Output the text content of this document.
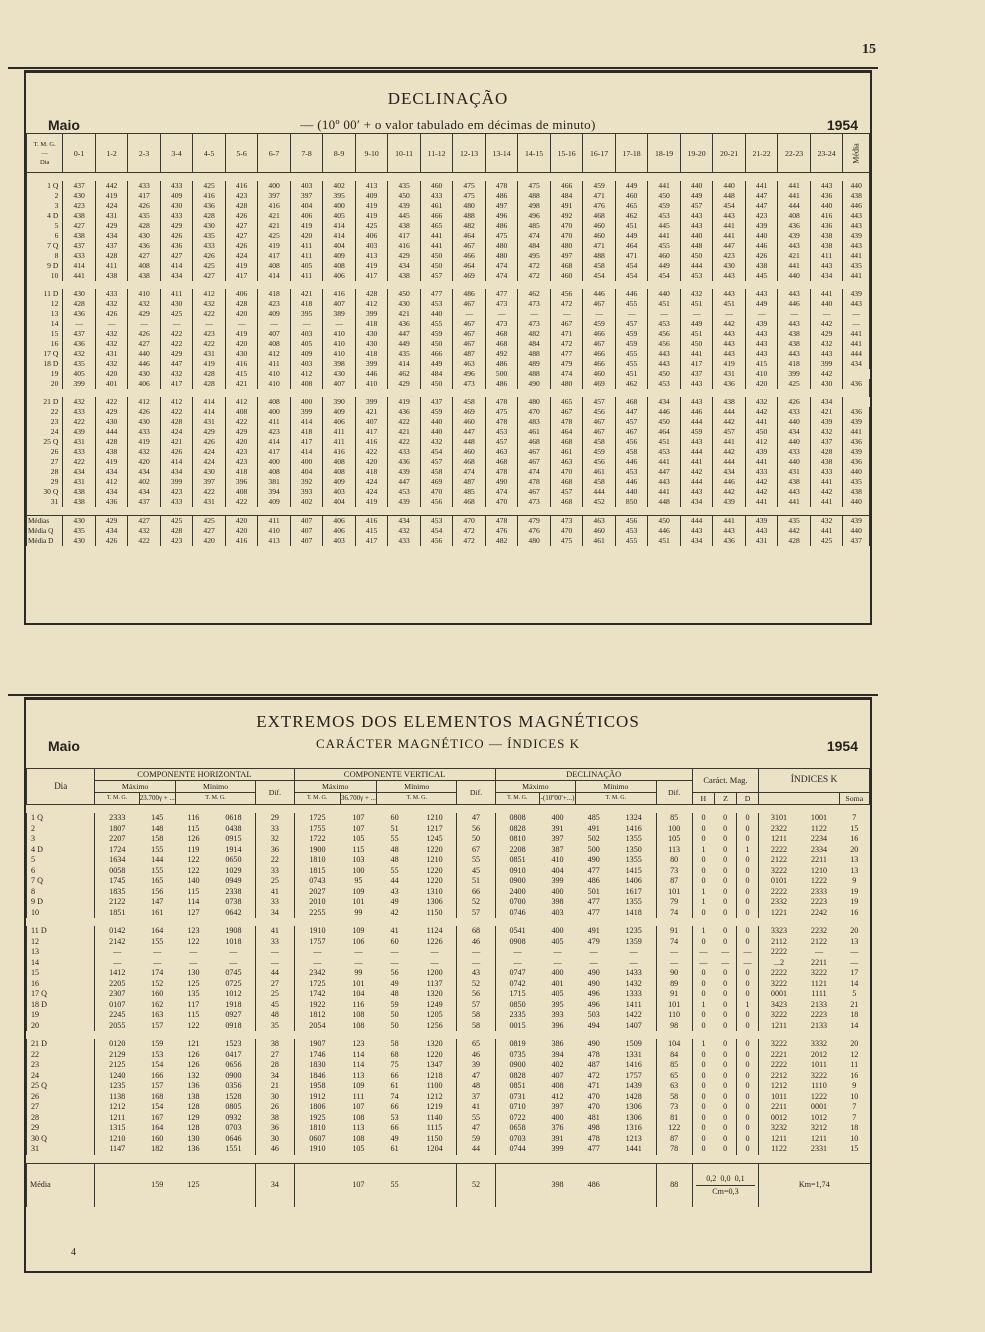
15
DECLINAÇÃO
Maio	— (10º 00′ + o valor tabulado em décimas de minuto)	1954
T. M. G.
—
Dia	0-1	1-2	2-3	3-4	4-5	5-6	6-7	7-8	8-9	9-10	10-11	11-12	12-13	13-14	14-15	15-16	16-17	17-18	18-19	19-20	20-21	21-22	22-23	23-24	Média

1 Q	437	442	433	433	425	416	400	403	402	413	435	460	475	478	475	466	459	449	441	440	440	441	441	443	440
2	430	419	417	409	416	423	397	397	395	409	450	433	475	486	488	484	471	460	450	449	448	447	441	436	438
3	423	424	426	430	436	428	416	404	400	419	439	461	480	497	498	491	476	465	459	457	454	447	444	440	446
4 D	438	431	435	433	428	426	421	406	405	419	445	466	488	496	496	492	468	462	453	443	443	423	408	416	443
5	427	429	428	429	430	427	421	419	414	425	438	465	482	486	485	470	460	451	445	443	441	439	436	436	443
6	438	434	430	426	435	427	425	420	414	406	417	441	464	475	474	470	460	449	441	440	441	440	439	438	439
7 Q	437	437	436	436	433	426	419	411	404	403	416	441	467	480	484	480	471	464	455	448	447	446	443	438	443
8	433	428	427	427	426	424	417	411	409	413	429	450	466	480	495	497	488	471	460	450	423	426	421	411	441
9 D	414	411	408	414	425	419	408	405	408	419	434	450	464	474	472	468	458	454	449	444	430	438	441	443	435
10	441	438	438	434	427	417	414	411	406	417	438	457	469	474	472	460	454	454	454	453	443	445	440	434	441

11 D	430	433	410	411	412	406	418	421	416	428	450	477	486	477	462	456	446	446	440	432	443	443	443	441	439
12	428	432	432	430	432	428	423	418	407	412	430	453	467	473	473	472	467	455	451	451	451	449	446	440	443
13	436	426	429	425	422	420	409	395	389	399	421	440	—	—	—	—	—	—	—	—	—	—	—	—	—
14	—	—	—	—	—	—	—	—	—	418	436	455	467	473	473	467	459	457	453	449	442	439	443	442	—
15	437	432	426	422	423	419	407	403	410	430	447	459	467	468	482	471	466	459	456	451	443	443	438	429	441
16	436	432	427	422	422	420	408	405	410	430	449	450	467	468	484	472	467	459	456	450	443	443	438	432	441
17 Q	432	431	440	429	431	430	412	409	410	418	435	466	487	492	488	477	466	455	443	441	443	443	443	443	444
18 D	435	432	446	447	419	416	411	403	398	399	414	449	463	486	489	479	466	455	443	417	419	415	418	399	434
19	405	420	430	432	428	415	410	412	430	446	462	484	496	500	488	474	460	451	450	437	431	410	399	442	
20	399	401	406	417	428	421	410	408	407	410	429	450	473	486	490	480	469	462	453	443	436	420	425	430	436

21 D	432	422	412	412	414	412	408	400	390	399	419	437	458	478	480	465	457	468	434	443	438	432	426	434	
22	433	429	426	422	414	408	400	399	409	421	436	459	469	475	470	467	456	447	446	446	444	442	433	421	436
23	422	430	430	428	431	422	411	414	406	407	422	440	460	478	483	478	467	457	450	444	442	441	440	439	439
24	439	444	433	424	429	429	423	418	411	417	421	440	447	453	461	464	467	467	464	459	457	450	434	432	441
25 Q	431	428	419	421	426	420	414	417	411	416	422	432	448	457	468	468	458	456	451	443	441	412	440	437	436
26	433	438	432	426	424	423	417	414	416	422	433	454	460	463	467	461	459	458	453	444	442	439	433	428	439
27	422	419	420	414	424	423	400	400	408	420	436	457	468	468	467	463	456	446	441	441	444	441	440	438	436
28	434	434	434	434	430	418	408	404	408	418	439	458	474	478	474	470	461	453	447	442	434	433	431	433	440
29	431	412	402	399	397	396	381	392	409	424	447	469	487	490	478	468	458	446	443	444	446	442	438	441	435
30 Q	438	434	434	423	422	408	394	393	403	424	453	470	485	474	467	457	444	440	441	443	442	442	443	442	438
31	438	436	437	433	431	422	409	402	404	419	439	456	468	470	473	468	452	850	448	434	439	441	441	441	440

Médias	430	429	427	425	425	420	411	407	406	416	434	453	470	478	479	473	463	456	450	444	441	439	435	432	439
Média Q	435	434	432	428	427	420	410	407	406	415	432	454	472	476	476	470	460	453	446	443	443	443	442	441	440
Média D	430	426	422	423	420	416	413	407	403	417	433	456	472	482	480	475	461	455	451	434	436	431	428	425	437
EXTREMOS DOS ELEMENTOS MAGNÉTICOS
CARÁCTER MAGNÉTICO — ÍNDICES K
Maio	1954
Dia	COMPONENTE HORIZONTAL					COMPONENTE VERTICAL					DECLINAÇÃO					Caráct. Mag.			ÍNDICES K		
	Máximo		Mínimo		Dif.	Máximo		Mínimo		Dif.	Máximo		Mínimo		Dif.						
	T. M. G.	23.700γ + ...	T. M. G.			T. M. G.	36.700γ + ...	T. M. G.			T. M. G.	-(10º00′+...)	T. M. G.			H	Z	D			Soma

1 Q	2333	145	116	0618	29	1725	107	60	1210	47	0808	400	485	1324	85	0	0	0	3101	1001	7
2	1807	148	115	0438	33	1755	107	51	1217	56	0828	391	491	1416	100	0	0	0	2322	1122	15
3	2207	158	126	0915	32	1722	105	55	1245	50	0810	397	502	1355	105	0	0	0	1211	2234	16
4 D	1724	155	119	1914	36	1900	115	48	1220	67	2208	387	500	1350	113	1	0	1	2222	2334	20
5	1634	144	122	0650	22	1810	103	48	1210	55	0851	410	490	1355	80	0	0	0	2122	2211	13
6	0058	155	122	1029	33	1815	100	55	1220	45	0910	404	477	1415	73	0	0	0	3222	1210	13
7 Q	1745	165	140	0949	25	0743	95	44	1220	51	0900	399	486	1406	87	0	0	0	0101	1222	9
8	1835	156	115	2338	41	2027	109	43	1310	66	2400	400	501	1617	101	1	0	0	2222	2333	19
9 D	2122	147	114	0738	33	2010	101	49	1306	52	0700	398	477	1355	79	1	0	0	2332	2223	19
10	1851	161	127	0642	34	2255	99	42	1150	57	0746	403	477	1418	74	0	0	0	1221	2242	16

11 D	0142	164	123	1908	41	1910	109	41	1124	68	0541	400	491	1235	91	1	0	0	3323	2232	20
12	2142	155	122	1018	33	1757	106	60	1226	46	0908	405	479	1359	74	0	0	0	2112	2122	13
13	—	—	—	—	—	—	—	—	—	—	—	—	—	—	—	—	—	—	2222	—	—
14	—	—	—	—	—	—	—	—	—	—	—	—	—	—	—	—	—	—	...2	2211	—
15	1412	174	130	0745	44	2342	99	56	1200	43	0747	400	490	1433	90	0	0	0	2222	3222	17
16	2205	152	125	0725	27	1725	101	49	1137	52	0742	401	490	1432	89	0	0	0	3222	1121	14
17 Q	2307	160	135	1012	25	1742	104	48	1320	56	1715	405	496	1333	91	0	0	0	0001	1111	5
18 D	0107	162	117	1918	45	1922	116	59	1249	57	0850	395	496	1411	101	1	0	1	3423	2133	21
19	2245	163	115	0927	48	1812	108	50	1205	58	2335	393	503	1422	110	0	0	0	3222	2223	18
20	2055	157	122	0918	35	2054	108	50	1256	58	0015	396	494	1407	98	0	0	0	1211	2133	14

21 D	0120	159	121	1523	38	1907	123	58	1320	65	0819	386	490	1509	104	1	0	0	3222	3332	20
22	2129	153	126	0417	27	1746	114	68	1220	46	0735	394	478	1331	84	0	0	0	2221	2012	12
23	2125	154	126	0656	28	1830	114	75	1347	39	0900	402	487	1416	85	0	0	0	2222	1011	11
24	1240	166	132	0900	34	1846	113	66	1218	47	0828	407	472	1757	65	0	0	0	2212	3222	16
25 Q	1235	157	136	0356	21	1958	109	61	1100	48	0851	408	471	1439	63	0	0	0	1212	1110	9
26	1138	168	138	1528	30	1912	111	74	1212	37	0731	412	470	1428	58	0	0	0	1011	1222	10
27	1212	154	128	0805	26	1806	107	66	1219	41	0710	397	470	1306	73	0	0	0	2211	0001	7
28	1211	167	129	0932	38	1925	108	53	1140	55	0722	400	481	1306	81	0	0	0	0012	1012	7
29	1315	164	128	0703	36	1810	113	66	1115	47	0658	376	498	1316	122	0	0	0	3232	3212	18
30 Q	1210	160	130	0646	30	0607	108	49	1150	59	0703	391	478	1213	87	0	0	0	1211	1211	10
31	1147	182	136	1551	46	1910	105	61	1204	44	0744	399	477	1441	78	0	0	0	1122	2331	15

Média		159	125		34		107	55		52		398	486		88	0,2 0,0 0,1
Cm=0,3			Km=1,74		
4
